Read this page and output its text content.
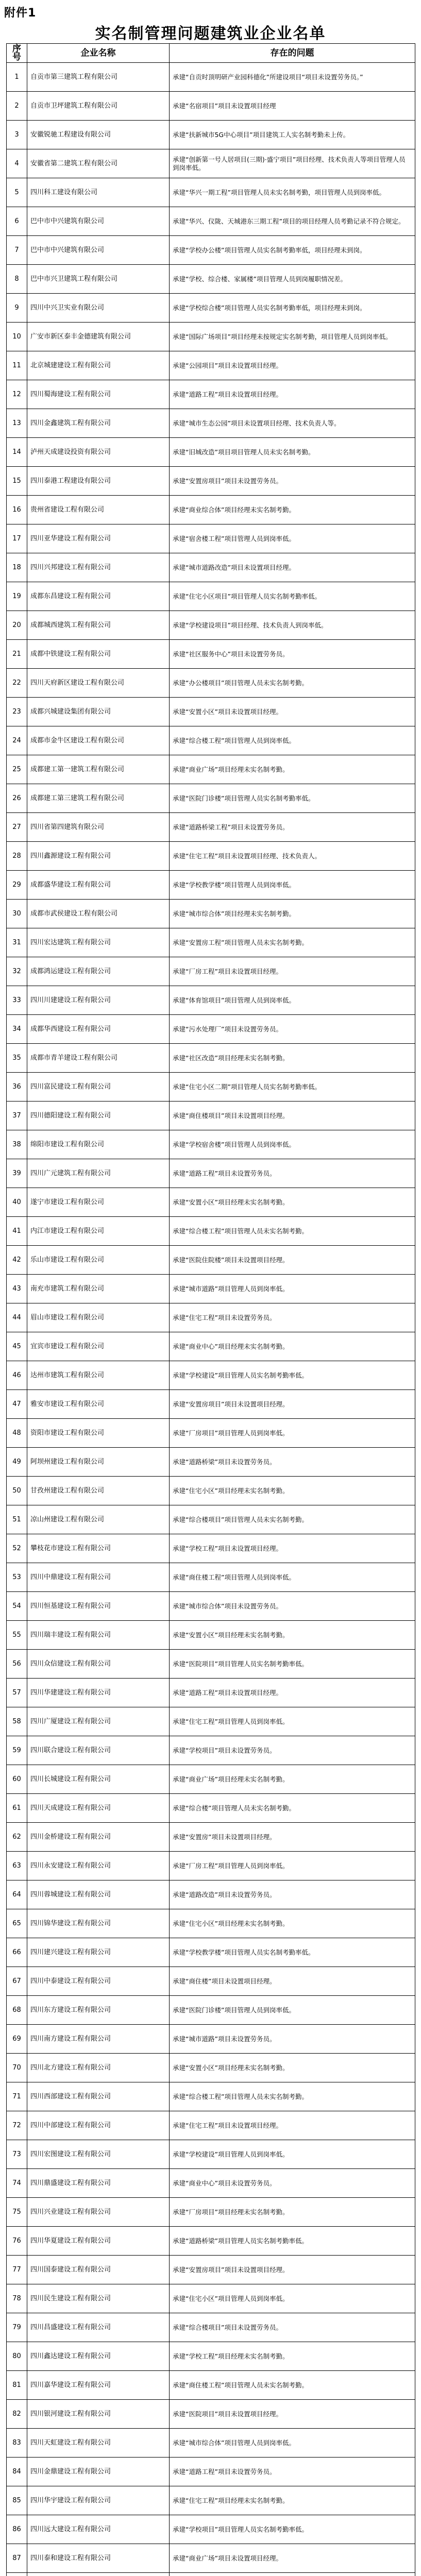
附件1
实名制管理问题建筑业企业名单
序号	企业名称	存在的问题
1	自贡市第三建筑工程有限公司	承建“自贡时顶明研产业园科德化”所建设项目“项目未设置劳务员。”
2	自贡市卫坪建筑工程有限公司	承建“名宿项目”项目未设置项目经理
3	安徽锐驰工程建设有限公司	承建“扶新城市5G中心项目”项目建筑工人实名制考勤未上传。
4	安徽省第二建筑工程有限公司	承建“创新第一号人居项目(三期)·盛宁项目”项目经理、技术负责人等项目管理人员到岗率低。
5	四川科工建设有限公司	承建“华兴一期工程”项目管理人员未实名制考勤，项目管理人员到岗率低。
6	巴中市中兴建筑有限公司	承建“华兴、仪陇、天城港东三期工程”项目的项目经理人员考勤记录不符合规定。
7	巴中市中兴建筑有限公司	承建“学校办公楼”项目管理人员实名制考勤率低，项目经理未到岗。
8	巴中市兴卫建筑工程有限公司	承建“学校、综合楼、家属楼”项目管理人员到岗履职情况差。
9	四川中兴卫实业有限公司	承建“学校综合楼”项目管理人员实名制考勤率低，项目经理未到岗。
10	广安市新区泰丰金德建筑有限公司	承建“国际广场项目”项目经理未按规定实名制考勤，项目管理人员到岗率低。
11	北京城建建设工程有限公司	承建“公园项目”项目未设置项目经理。
12	四川蜀海建设工程有限公司	承建“道路工程”项目未设置项目经理。
13	四川金鑫建筑工程有限公司	承建“城市生态公园”项目未设置项目经理、技术负责人等。
14	泸州天成建设投资有限公司	承建“旧城改造”项目项目管理人员未实名制考勤。
15	四川泰港工程建设有限公司	承建“安置房项目”项目未设置劳务员。
16	贵州省建设工程有限公司	承建“商业综合体”项目经理未实名制考勤。
17	四川亚华建设工程有限公司	承建“宿舍楼工程”项目管理人员到岗率低。
18	四川兴邦建设工程有限公司	承建“城市道路改造”项目未设置项目经理。
19	成都东昌建设工程有限公司	承建“住宅小区项目”项目管理人员实名制考勤率低。
20	成都城西建筑工程有限公司	承建“学校建设项目”项目经理、技术负责人到岗率低。
21	成都中铁建设工程有限公司	承建“社区服务中心”项目未设置劳务员。
22	四川天府新区建设工程有限公司	承建“办公楼项目”项目管理人员未实名制考勤。
23	成都兴城建设集团有限公司	承建“安置小区”项目未设置项目经理。
24	成都市金牛区建设工程有限公司	承建“综合楼工程”项目管理人员到岗率低。
25	成都建工第一建筑工程有限公司	承建“商业广场”项目经理未实名制考勤。
26	成都建工第三建筑工程有限公司	承建“医院门诊楼”项目管理人员实名制考勤率低。
27	四川省第四建筑有限公司	承建“道路桥梁工程”项目未设置劳务员。
28	四川鑫源建设工程有限公司	承建“住宅工程”项目未设置项目经理、技术负责人。
29	成都盛华建设工程有限公司	承建“学校教学楼”项目管理人员到岗率低。
30	成都市武侯建设工程有限公司	承建“城市综合体”项目经理未实名制考勤。
31	四川宏达建筑工程有限公司	承建“安置房工程”项目管理人员未实名制考勤。
32	成都鸿运建设工程有限公司	承建“厂房工程”项目未设置项目经理。
33	四川川建建设工程有限公司	承建“体育馆项目”项目管理人员到岗率低。
34	成都华西建设工程有限公司	承建“污水处理厂”项目未设置劳务员。
35	成都市青羊建设工程有限公司	承建“社区改造”项目经理未实名制考勤。
36	四川富民建设工程有限公司	承建“住宅小区二期”项目管理人员实名制考勤率低。
37	四川德阳建设工程有限公司	承建“商住楼项目”项目未设置项目经理。
38	绵阳市建设工程有限公司	承建“学校宿舍楼”项目管理人员到岗率低。
39	四川广元建筑工程有限公司	承建“道路工程”项目未设置劳务员。
40	遂宁市建设工程有限公司	承建“安置小区”项目经理未实名制考勤。
41	内江市建设工程有限公司	承建“综合楼工程”项目管理人员未实名制考勤。
42	乐山市建设工程有限公司	承建“医院住院楼”项目未设置项目经理。
43	南充市建筑工程有限公司	承建“城市道路”项目管理人员到岗率低。
44	眉山市建设工程有限公司	承建“住宅工程”项目未设置劳务员。
45	宜宾市建设工程有限公司	承建“商业中心”项目经理未实名制考勤。
46	达州市建筑工程有限公司	承建“学校建设”项目管理人员实名制考勤率低。
47	雅安市建设工程有限公司	承建“安置房项目”项目未设置项目经理。
48	资阳市建设工程有限公司	承建“厂房项目”项目管理人员到岗率低。
49	阿坝州建设工程有限公司	承建“道路桥梁”项目未设置劳务员。
50	甘孜州建设工程有限公司	承建“住宅小区”项目经理未实名制考勤。
51	凉山州建设工程有限公司	承建“综合楼项目”项目管理人员未实名制考勤。
52	攀枝花市建设工程有限公司	承建“学校工程”项目未设置项目经理。
53	四川中鼎建设工程有限公司	承建“商住楼工程”项目管理人员到岗率低。
54	四川恒基建设工程有限公司	承建“城市综合体”项目未设置劳务员。
55	四川瑞丰建设工程有限公司	承建“安置小区”项目经理未实名制考勤。
56	四川众信建设工程有限公司	承建“医院项目”项目管理人员实名制考勤率低。
57	四川华建建设工程有限公司	承建“道路工程”项目未设置项目经理。
58	四川广厦建设工程有限公司	承建“住宅工程”项目管理人员到岗率低。
59	四川联合建设工程有限公司	承建“学校项目”项目未设置劳务员。
60	四川长城建设工程有限公司	承建“商业广场”项目经理未实名制考勤。
61	四川天成建设工程有限公司	承建“综合楼”项目管理人员未实名制考勤。
62	四川金桥建设工程有限公司	承建“安置房”项目未设置项目经理。
63	四川永安建设工程有限公司	承建“厂房工程”项目管理人员到岗率低。
64	四川蓉城建设工程有限公司	承建“道路改造”项目未设置劳务员。
65	四川锦华建设工程有限公司	承建“住宅小区”项目经理未实名制考勤。
66	四川建兴建设工程有限公司	承建“学校教学楼”项目管理人员实名制考勤率低。
67	四川中泰建设工程有限公司	承建“商住楼”项目未设置项目经理。
68	四川东方建设工程有限公司	承建“医院门诊楼”项目管理人员到岗率低。
69	四川南方建设工程有限公司	承建“城市道路”项目未设置劳务员。
70	四川北方建设工程有限公司	承建“安置小区”项目经理未实名制考勤。
71	四川西部建设工程有限公司	承建“综合楼工程”项目管理人员未实名制考勤。
72	四川中部建设工程有限公司	承建“住宅工程”项目未设置项目经理。
73	四川宏图建设工程有限公司	承建“学校建设”项目管理人员到岗率低。
74	四川鼎盛建设工程有限公司	承建“商业中心”项目未设置劳务员。
75	四川兴业建设工程有限公司	承建“厂房项目”项目经理未实名制考勤。
76	四川华夏建设工程有限公司	承建“道路桥梁”项目管理人员实名制考勤率低。
77	四川国泰建设工程有限公司	承建“安置房项目”项目未设置项目经理。
78	四川民生建设工程有限公司	承建“住宅小区”项目管理人员到岗率低。
79	四川昌盛建设工程有限公司	承建“综合楼项目”项目未设置劳务员。
80	四川鑫达建设工程有限公司	承建“学校工程”项目经理未实名制考勤。
81	四川嘉华建设工程有限公司	承建“商住楼工程”项目管理人员未实名制考勤。
82	四川银河建设工程有限公司	承建“医院项目”项目未设置项目经理。
83	四川天虹建设工程有限公司	承建“城市综合体”项目管理人员到岗率低。
84	四川金鼎建设工程有限公司	承建“道路工程”项目未设置劳务员。
85	四川华宇建设工程有限公司	承建“住宅工程”项目经理未实名制考勤。
86	四川远大建设工程有限公司	承建“学校项目”项目管理人员实名制考勤率低。
87	四川泰和建设工程有限公司	承建“商业广场”项目未设置项目经理。
